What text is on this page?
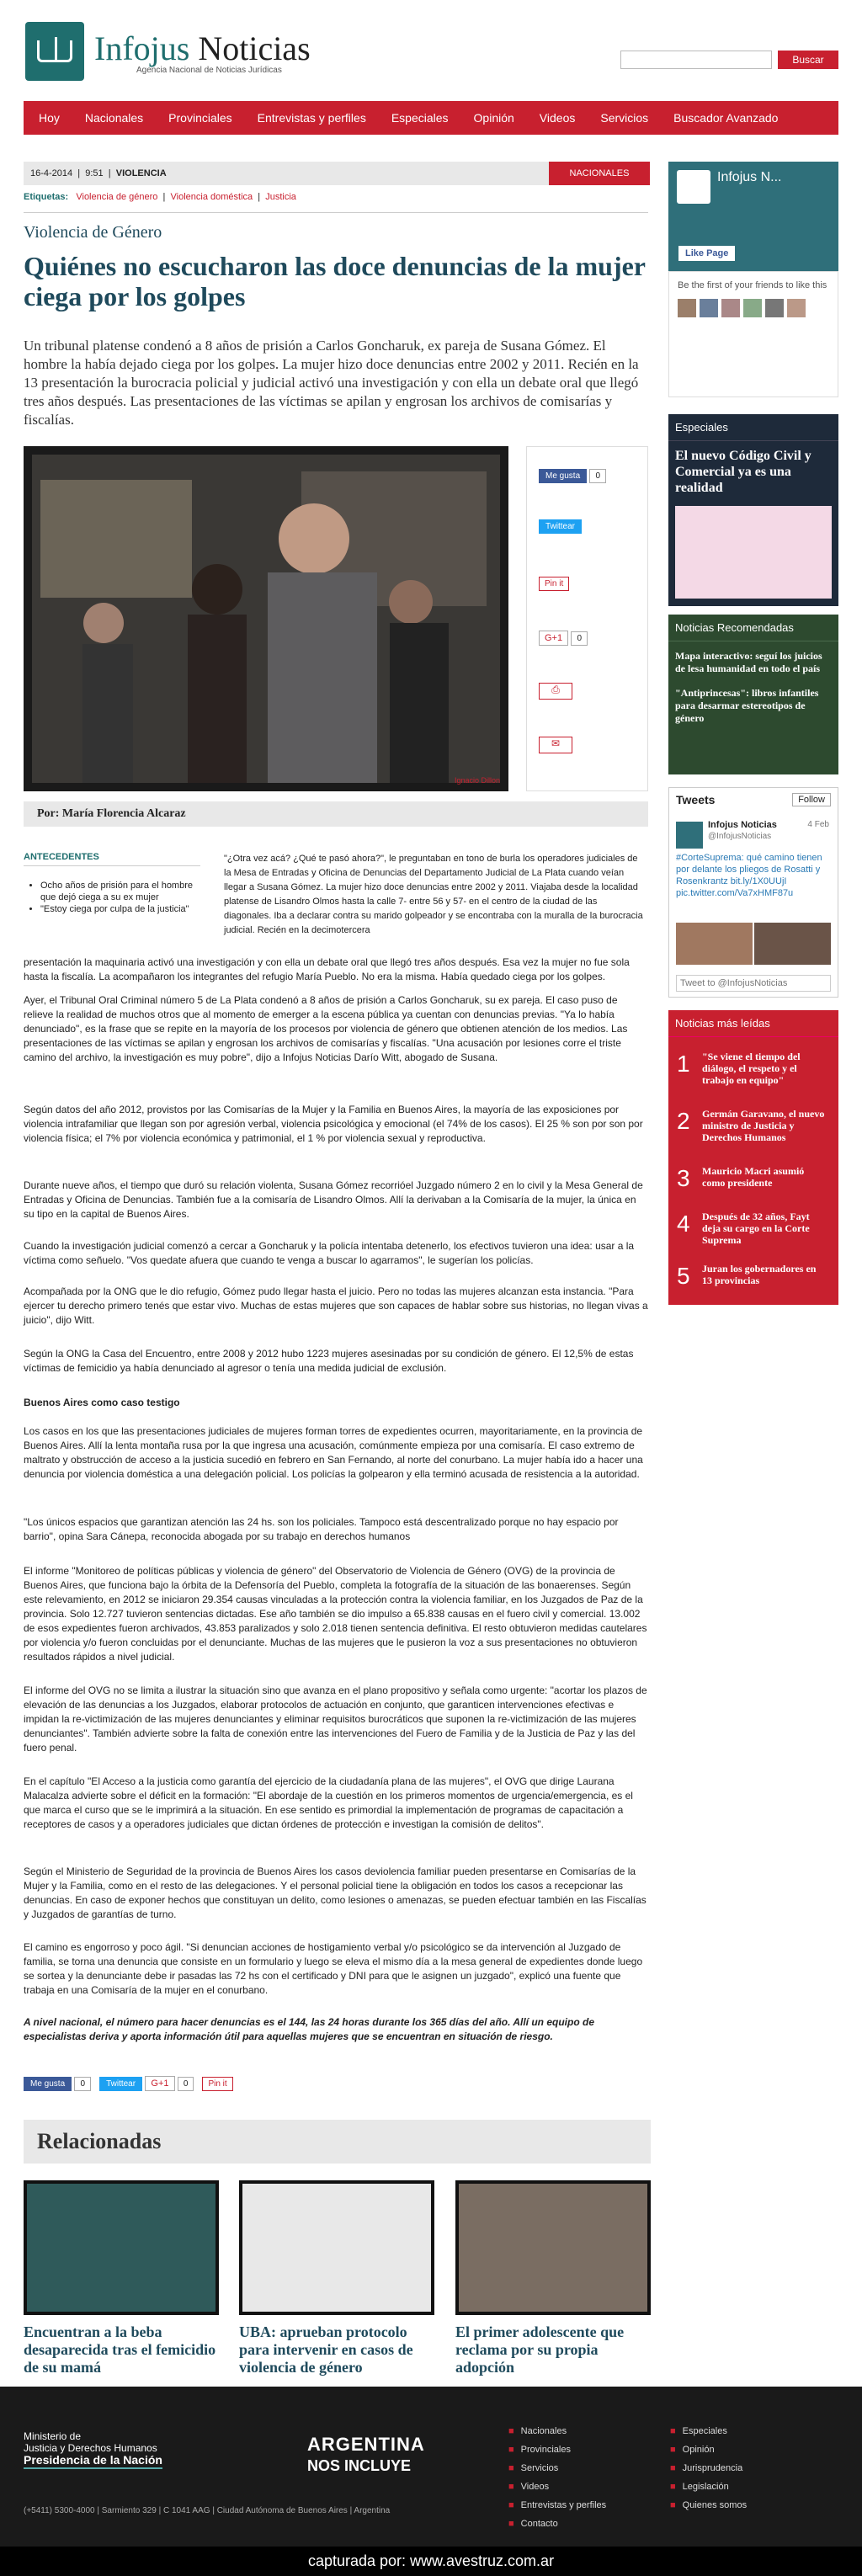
Infojus Noticias
Agencia Nacional de Noticias Jurídicas
Buscar
Hoy Nacionales Provinciales Entrevistas y perfiles Especiales Opinión Videos Servicios Buscador Avanzado
16-4-2014  |  9:51  |  VIOLENCIA	NACIONALES
Etiquetas: Violencia de género  |  Violencia doméstica  |  Justicia
Violencia de Género
Quiénes no escucharon las doce denuncias de la mujer ciega por los golpes
Un tribunal platense condenó a 8 años de prisión a Carlos Goncharuk, ex pareja de Susana Gómez. El hombre la había dejado ciega por los golpes. La mujer hizo doce denuncias entre 2002 y 2011. Recién en la 13 presentación la burocracia policial y judicial activó una investigación y con ella un debate oral que llegó tres años después. Las presentaciones de las víctimas se apilan y engrosan los archivos de comisarías y fiscalías.
Ignacio Dillon
Me gusta 0
Twittear
Pin it
G+1 0
⎙
✉
Por: María Florencia Alcaraz
ANTECEDENTES
• Ocho años de prisión para el hombre que dejó ciega a su ex mujer
• "Estoy ciega por culpa de la justicia"
"¿Otra vez acá? ¿Qué te pasó ahora?", le preguntaban en tono de burla los operadores judiciales de la Mesa de Entradas y Oficina de Denuncias del Departamento Judicial de La Plata cuando veían llegar a Susana Gómez. La mujer hizo doce denuncias entre 2002 y 2011. Viajaba desde la localidad platense de Lisandro Olmos hasta la calle 7- entre 56 y 57- en el centro de la ciudad de las diagonales. Iba a declarar contra su marido golpeador y se encontraba con la muralla de la burocracia judicial. Recién en la decimotercera
presentación la maquinaria activó una investigación y con ella un debate oral que llegó tres años después. Esa vez la mujer no fue sola hasta la fiscalía. La acompañaron los integrantes del refugio María Pueblo. No era la misma. Había quedado ciega por los golpes.
Ayer, el Tribunal Oral Criminal número 5 de La Plata condenó a 8 años de prisión a Carlos Goncharuk, su ex pareja. El caso puso de relieve la realidad de muchos otros que al momento de emerger a la escena pública ya cuentan con denuncias previas. "Ya lo había denunciado", es la frase que se repite en la mayoría de los procesos por violencia de género que obtienen atención de los medios. Las presentaciones de las víctimas se apilan y engrosan los archivos de comisarías y fiscalías. "Una acusación por lesiones corre el triste camino del archivo, la investigación es muy pobre", dijo a Infojus Noticias Darío Witt, abogado de Susana.
Según datos del año 2012, provistos por las Comisarías de la Mujer y la Familia en Buenos Aires, la mayoría de las exposiciones por violencia intrafamiliar que llegan son por agresión verbal, violencia psicológica y emocional (el 74% de los casos). El 25 % son por son por violencia física; el 7% por violencia económica y patrimonial, el 1 % por violencia sexual y reproductiva.
Durante nueve años, el tiempo que duró su relación violenta, Susana Gómez recorrióel Juzgado número 2 en lo civil y la Mesa General de Entradas y Oficina de Denuncias. También fue a la comisaría de Lisandro Olmos. Allí la derivaban a la Comisaría de la mujer, la única en su tipo en la capital de Buenos Aires.
Cuando la investigación judicial comenzó a cercar a Goncharuk y la policía intentaba detenerlo, los efectivos tuvieron una idea: usar a la víctima como señuelo. "Vos quedate afuera que cuando te venga a buscar lo agarramos", le sugerían los policías.
Acompañada por la ONG que le dio refugio, Gómez pudo llegar hasta el juicio. Pero no todas las mujeres alcanzan esta instancia. "Para ejercer tu derecho primero tenés que estar vivo. Muchas de estas mujeres que son capaces de hablar sobre sus historias, no llegan vivas a juicio", dijo Witt.
Según la ONG la Casa del Encuentro, entre 2008 y 2012 hubo 1223 mujeres asesinadas por su condición de género. El 12,5% de estas víctimas de femicidio ya había denunciado al agresor o tenía una medida judicial de exclusión.
Buenos Aires como caso testigo
Los casos en los que las presentaciones judiciales de mujeres forman torres de expedientes ocurren, mayoritariamente, en la provincia de Buenos Aires. Allí la lenta montaña rusa por la que ingresa una acusación, comúnmente empieza por una comisaría. El caso extremo de maltrato y obstrucción de acceso a la justicia sucedió en febrero en San Fernando, al norte del conurbano. La mujer había ido a hacer una denuncia por violencia doméstica a una delegación policial. Los policías la golpearon y ella terminó acusada de resistencia a la autoridad.
"Los únicos espacios que garantizan atención las 24 hs. son los policiales. Tampoco está descentralizado porque no hay espacio por barrio", opina Sara Cánepa, reconocida abogada por su trabajo en derechos humanos
El informe "Monitoreo de políticas públicas y violencia de género" del Observatorio de Violencia de Género (OVG) de la provincia de Buenos Aires, que funciona bajo la órbita de la Defensoría del Pueblo, completa la fotografía de la situación de las bonaerenses. Según este relevamiento, en 2012 se iniciaron 29.354 causas vinculadas a la protección contra la violencia familiar, en los Juzgados de Paz de la provincia. Solo 12.727 tuvieron sentencias dictadas. Ese año también se dio impulso a 65.838 causas en el fuero civil y comercial. 13.002 de esos expedientes fueron archivados, 43.853 paralizados y solo 2.018 tienen sentencia definitiva. El resto obtuvieron medidas cautelares por violencia y/o fueron concluidas por el denunciante. Muchas de las mujeres que le pusieron la voz a sus presentaciones no obtuvieron resultados rápidos a nivel judicial.
El informe del OVG no se limita a ilustrar la situación sino que avanza en el plano propositivo y señala como urgente: "acortar los plazos de elevación de las denuncias a los Juzgados, elaborar protocolos de actuación en conjunto, que garanticen intervenciones efectivas e impidan la re-victimización de las mujeres denunciantes y eliminar requisitos burocráticos que suponen la re-victimización de las mujeres denunciantes". También advierte sobre la falta de conexión entre las intervenciones del Fuero de Familia y de la Justicia de Paz y las del fuero penal.
En el capítulo "El Acceso a la justicia como garantía del ejercicio de la ciudadanía plana de las mujeres", el OVG que dirige Laurana Malacalza advierte sobre el déficit en la formación: "El abordaje de la cuestión en los primeros momentos de urgencia/emergencia, es el que marca el curso que se le imprimirá a la situación. En ese sentido es primordial la implementación de programas de capacitación a receptores de casos y a operadores judiciales que dictan órdenes de protección e investigan la comisión de delitos".
Según el Ministerio de Seguridad de la provincia de Buenos Aires los casos deviolencia familiar pueden presentarse en Comisarías de la Mujer y la Familia, como en el resto de las delegaciones. Y el personal policial tiene la obligación en todos los casos a recepcionar las denuncias. En caso de exponer hechos que constituyan un delito, como lesiones o amenazas, se pueden efectuar también en las Fiscalías y Juzgados de garantías de turno.
El camino es engorroso y poco ágil. "Si denuncian acciones de hostigamiento verbal y/o psicológico se da intervención al Juzgado de familia, se torna una denuncia que consiste en un formulario y luego se eleva el mismo día a la mesa general de expedientes donde luego se sortea y la denunciante debe ir pasadas las 72 hs con el certificado y DNI para que le asignen un juzgado", explicó una fuente que trabaja en una Comisaría de la mujer en el conurbano.
A nivel nacional, el número para hacer denuncias es el 144, las 24 horas durante los 365 días del año. Allí un equipo de especialistas deriva y aporta información útil para aquellas mujeres que se encuentran en situación de riesgo.
Me gusta 0	Twittear G+1 0 Pin it
Relacionadas
Encuentran a la beba desaparecida tras el femicidio de su mamá
UBA: aprueban protocolo para intervenir en casos de violencia de género
El primer adolescente que reclama por su propia adopción
Infojus N...
Like Page
Be the first of your friends to like this
Especiales
El nuevo Código Civil y Comercial ya es una realidad
Noticias Recomendadas
Mapa interactivo: seguí los juicios de lesa humanidad en todo el país
"Antiprincesas": libros infantiles para desarmar estereotipos de género
Tweets	Follow
Infojus Noticias
@InfojusNoticias
4 Feb
#CorteSuprema: qué camino tienen por delante los pliegos de Rosatti y Rosenkrantz bit.ly/1X0UUjI pic.twitter.com/Va7xHMF87u
Tweet to @InfojusNoticias
Noticias más leídas
1 "Se viene el tiempo del diálogo, el respeto y el trabajo en equipo"
2 Germán Garavano, el nuevo ministro de Justicia y Derechos Humanos
3 Mauricio Macri asumió como presidente
4 Después de 32 años, Fayt deja su cargo en la Corte Suprema
5 Juran los gobernadores en 13 provincias
Ministerio de
Justicia y Derechos Humanos
Presidencia de la Nación
ARGENTINA
NOS INCLUYE
(+5411) 5300-4000 | Sarmiento 329 | C 1041 AAG | Ciudad Autónoma de Buenos Aires | Argentina
■ Nacionales
■ Provinciales
■ Servicios
■ Videos
■ Entrevistas y perfiles
■ Contacto
■ Especiales
■ Opinión
■ Jurisprudencia
■ Legislación
■ Quienes somos
capturada por: www.avestruz.com.ar
